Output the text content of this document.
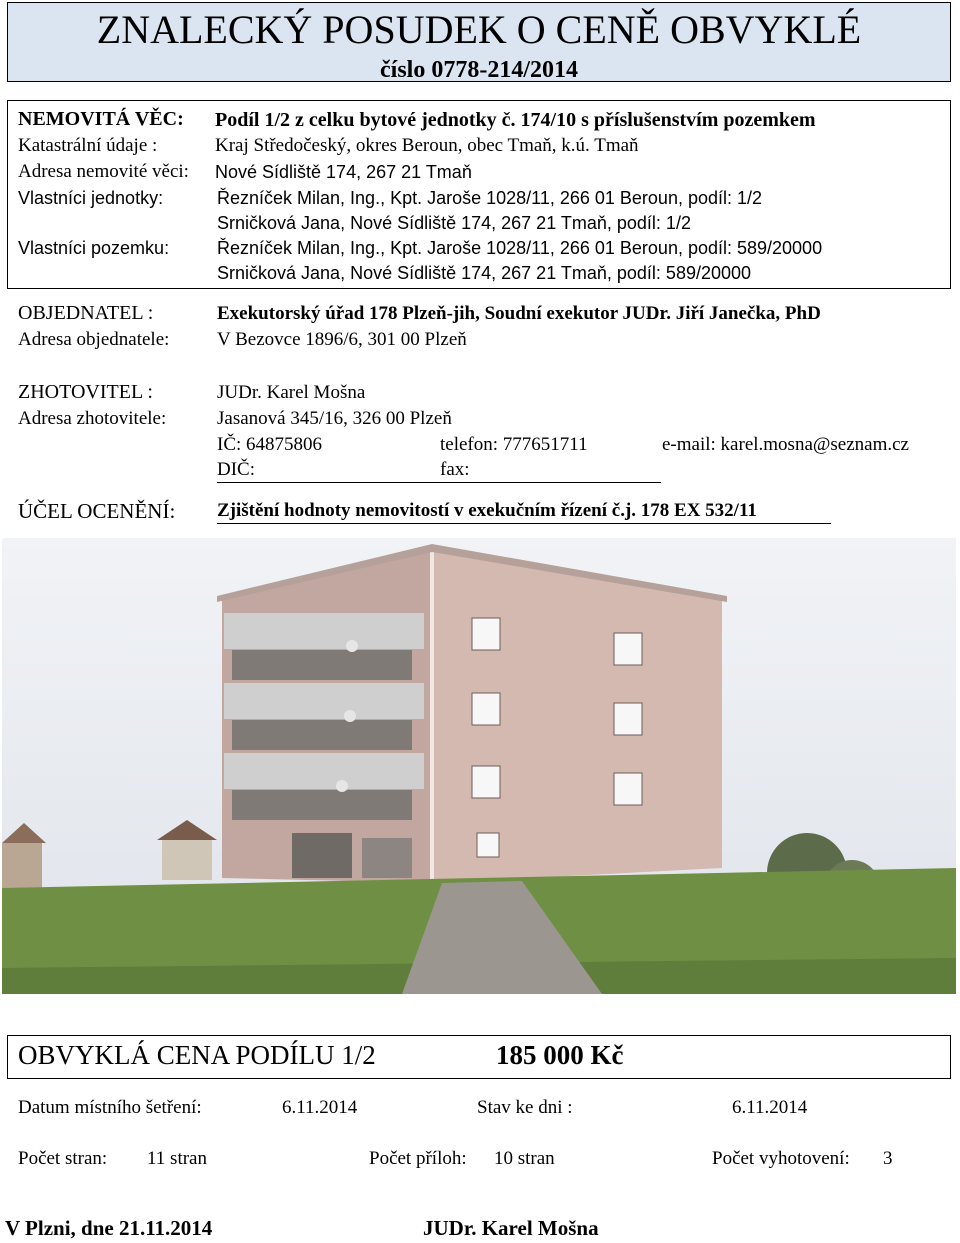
ZNALECKÝ POSUDEK O CENĚ OBVYKLÉ
číslo 0778-214/2014
NEMOVITÁ VĚC: Podíl 1/2 z celku bytové jednotky č. 174/10 s příslušenstvím pozemkem
Katastrální údaje :	Kraj Středočeský, okres Beroun, obec Tmaň, k.ú. Tmaň
Adresa nemovité věci: Nové Sídliště 174, 267 21 Tmaň
Vlastníci jednotky:	Řezníček Milan, Ing., Kpt. Jaroše 1028/11, 266 01 Beroun, podíl: 1/2
Srničková Jana, Nové Sídliště 174, 267 21 Tmaň, podíl: 1/2
Vlastníci pozemku:	Řezníček Milan, Ing., Kpt. Jaroše 1028/11, 266 01 Beroun, podíl: 589/20000
Srničková Jana, Nové Sídliště 174, 267 21 Tmaň, podíl: 589/20000
OBJEDNATEL :	Exekutorský úřad 178 Plzeň-jih, Soudní exekutor JUDr. Jiří Janečka, PhD
Adresa objednatele:	V Bezovce 1896/6, 301 00 Plzeň
ZHOTOVITEL :	JUDr. Karel Mošna
Adresa zhotovitele:	Jasanová 345/16, 326 00 Plzeň
IČ: 64875806	telefon: 777651711	e-mail: karel.mosna@seznam.cz
DIČ:	fax:
ÚČEL OCENĚNÍ: Zjištění hodnoty nemovitostí v exekučním řízení č.j. 178 EX 532/11
OBVYKLÁ CENA PODÍLU 1/2	185 000 Kč
Datum místního šetření:	6.11.2014	Stav ke dni :	6.11.2014
Počet stran: 11 stran	Počet příloh: 10 stran	Počet vyhotovení: 3
V Plzni, dne 21.11.2014	JUDr. Karel Mošna
